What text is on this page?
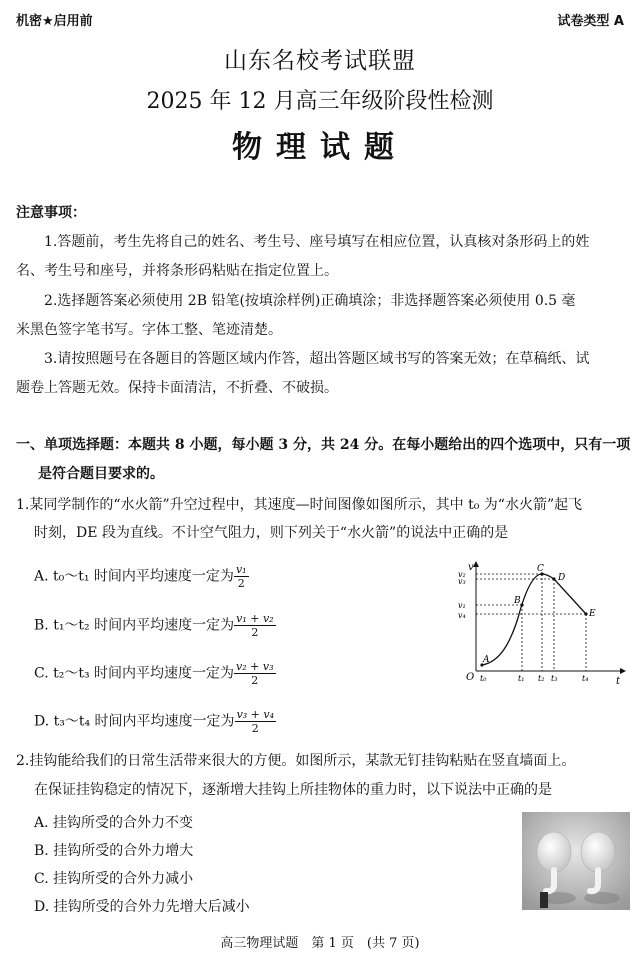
机密★启用前	试卷类型 A
山东名校考试联盟
2025 年 12 月高三年级阶段性检测
物理试题
注意事项：
1.答题前，考生先将自己的姓名、考生号、座号填写在相应位置，认真核对条形码上的姓
名、考生号和座号，并将条形码粘贴在指定位置上。
2.选择题答案必须使用 2B 铅笔(按填涂样例)正确填涂；非选择题答案必须使用 0.5 毫
米黑色签字笔书写。字体工整、笔迹清楚。
3.请按照题号在各题目的答题区域内作答，超出答题区域书写的答案无效；在草稿纸、试
题卷上答题无效。保持卡面清洁，不折叠、不破损。
一、单项选择题：本题共 8 小题，每小题 3 分，共 24 分。在每小题给出的四个选项中，只有一项
是符合题目要求的。
1.某同学制作的“水火箭”升空过程中，其速度—时间图像如图所示，其中 t₀ 为“水火箭”起飞
时刻，DE 段为直线。不计空气阻力，则下列关于“水火箭”的说法中正确的是
A. t₀～t₁ 时间内平均速度一定为 $\frac{\text{v₁}}{2}$
B. t₁～t₂ 时间内平均速度一定为 $\frac{\text{v₁ + v₂}}{2}$
C. t₂～t₃ 时间内平均速度一定为 $\frac{\text{v₂ + v₃}}{2}$
D. t₃～t₄ 时间内平均速度一定为 $\frac{\text{v₃ + v₄}}{2}$
v
t
O
v₂
v₃
v₁
v₄
t₀	t₁ t₂ t₃	t₄
A
B
C
D
E
2.挂钩能给我们的日常生活带来很大的方便。如图所示，某款无钉挂钩粘贴在竖直墙面上。
在保证挂钩稳定的情况下，逐渐增大挂钩上所挂物体的重力时，以下说法中正确的是
A. 挂钩所受的合外力不变
B. 挂钩所受的合外力增大
C. 挂钩所受的合外力减小
D. 挂钩所受的合外力先增大后减小
高三物理试题　第 1 页　(共 7 页)
